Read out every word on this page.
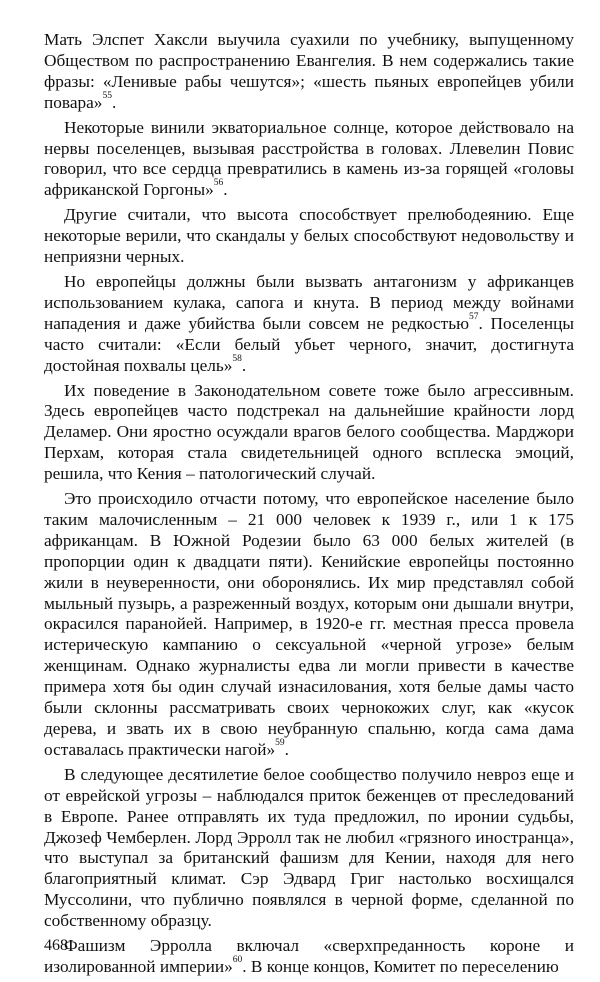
Мать Элспет Хаксли выучила суахили по учебнику, выпущенному Обществом по распространению Евангелия. В нем содержались такие фразы: «Ленивые рабы чешутся»; «шесть пьяных европейцев убили повара»$^{55}$.

Некоторые винили экваториальное солнце, которое действовало на нервы поселенцев, вызывая расстройства в головах. Ллевелин Повис говорил, что все сердца превратились в камень из-за горящей «головы африканской Горгоны»$^{56}$.

Другие считали, что высота способствует прелюбодеянию. Еще некоторые верили, что скандалы у белых способствуют недовольству и неприязни черных.

Но европейцы должны были вызвать антагонизм у африканцев использованием кулака, сапога и кнута. В период между войнами нападения и даже убийства были совсем не редкостью$^{57}$. Поселенцы часто считали: «Если белый убьет черного, значит, достигнута достойная похвалы цель»$^{58}$.

Их поведение в Законодательном совете тоже было агрессивным. Здесь европейцев часто подстрекал на дальнейшие крайности лорд Деламер. Они яростно осуждали врагов белого сообщества. Марджори Перхам, которая стала свидетельницей одного всплеска эмоций, решила, что Кения – патологический случай.

Это происходило отчасти потому, что европейское население было таким малочисленным – 21 000 человек к 1939 г., или 1 к 175 африканцам. В Южной Родезии было 63 000 белых жителей (в пропорции один к двадцати пяти). Кенийские европейцы постоянно жили в неуверенности, они оборонялись. Их мир представлял собой мыльный пузырь, а разреженный воздух, которым они дышали внутри, окрасился паранойей. Например, в 1920-е гг. местная пресса провела истерическую кампанию о сексуальной «черной угрозе» белым женщинам. Однако журналисты едва ли могли привести в качестве примера хотя бы один случай изнасилования, хотя белые дамы часто были склонны рассматривать своих чернокожих слуг, как «кусок дерева, и звать их в свою неубранную спальню, когда сама дама оставалась практически нагой»$^{59}$.

В следующее десятилетие белое сообщество получило невроз еще и от еврейской угрозы – наблюдался приток беженцев от преследований в Европе. Ранее отправлять их туда предложил, по иронии судьбы, Джозеф Чемберлен. Лорд Эрролл так не любил «грязного иностранца», что выступал за британский фашизм для Кении, находя для него благоприятный климат. Сэр Эдвард Григ настолько восхищался Муссолини, что публично появлялся в черной форме, сделанной по собственному образцу.

Фашизм Эрролла включал «сверхпреданность короне и изолированной империи»$^{60}$. В конце концов, Комитет по переселению

468
